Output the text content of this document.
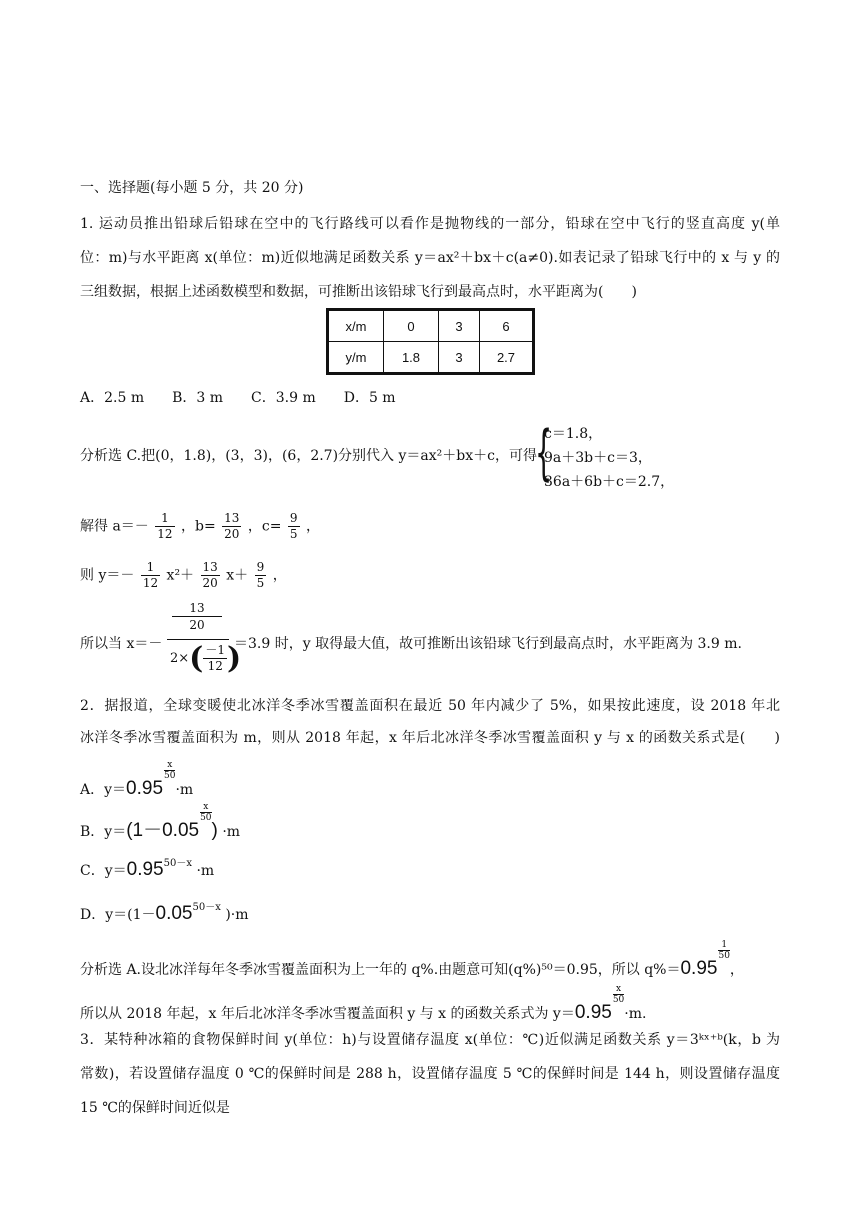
一、选择题(每小题 5 分，共 20 分)
1. 运动员推出铅球后铅球在空中的飞行路线可以看作是抛物线的一部分，铅球在空中飞行的竖直高度 y(单
位：m)与水平距离 x(单位：m)近似地满足函数关系 y＝ax²＋bx＋c(a≠0).如表记录了铅球飞行中的 x 与 y 的
三组数据，根据上述函数模型和数据，可推断出该铅球飞行到最高点时，水平距离为(　　)
x/m	0	3	6
y/m	1.8	3	2.7
A．2.5 m　　B．3 m　　C．3.9 m　　D．5 m
分析选 C.把(0，1.8)，(3，3)，(6，2.7)分别代入 y＝ax²＋bx＋c，可得
{
c＝1.8，
9a＋3b＋c＝3，
36a＋6b＋c＝2.7，
解得 $a=- \frac{1}{12}$ ，$b= \frac{13}{20}$ ，$c= \frac{9}{5}$ ，
则 $y=- \frac{1}{12} x^2+ \frac{13}{20} x+ \frac{9}{5}$ ，
所以当 x＝－
13
20
2× ( $\frac{-1}{12}$ )
＝3.9 时，y 取得最大值，故可推断出该铅球飞行到最高点时，水平距离为 3.9 m.
2．据报道，全球变暖使北冰洋冬季冰雪覆盖面积在最近 50 年内减少了 5%，如果按此速度，设 2018 年北
冰洋冬季冰雪覆盖面积为 m，则从 2018 年起，x 年后北冰洋冬季冰雪覆盖面积 y 与 x 的函数关系式是(　　)
A．y＝0.95
$\frac{x}{50}$
·m
B．y＝(1－0.05
$\frac{x}{50}$
) ·m
C．$y=0.95^{50-x} \cdot m$
D．$y=(1-0.05^{50-x}$ )·m
分析选 A.设北冰洋每年冬季冰雪覆盖面积为上一年的 q%.由题意可知(q%)⁵⁰＝0.95，所以 q%＝0.95
$\frac{1}{50}$
，
所以从 2018 年起，x 年后北冰洋冬季冰雪覆盖面积 y 与 x 的函数关系式为 y＝0.95
$\frac{x}{50}$
·m.
3．某特种冰箱的食物保鲜时间 y(单位：h)与设置储存温度 x(单位：℃)近似满足函数关系 y＝3ᵏˣ⁺ᵇ(k，b 为
常数)，若设置储存温度 0 ℃的保鲜时间是 288 h，设置储存温度 5 ℃的保鲜时间是 144 h，则设置储存温度
15 ℃的保鲜时间近似是
